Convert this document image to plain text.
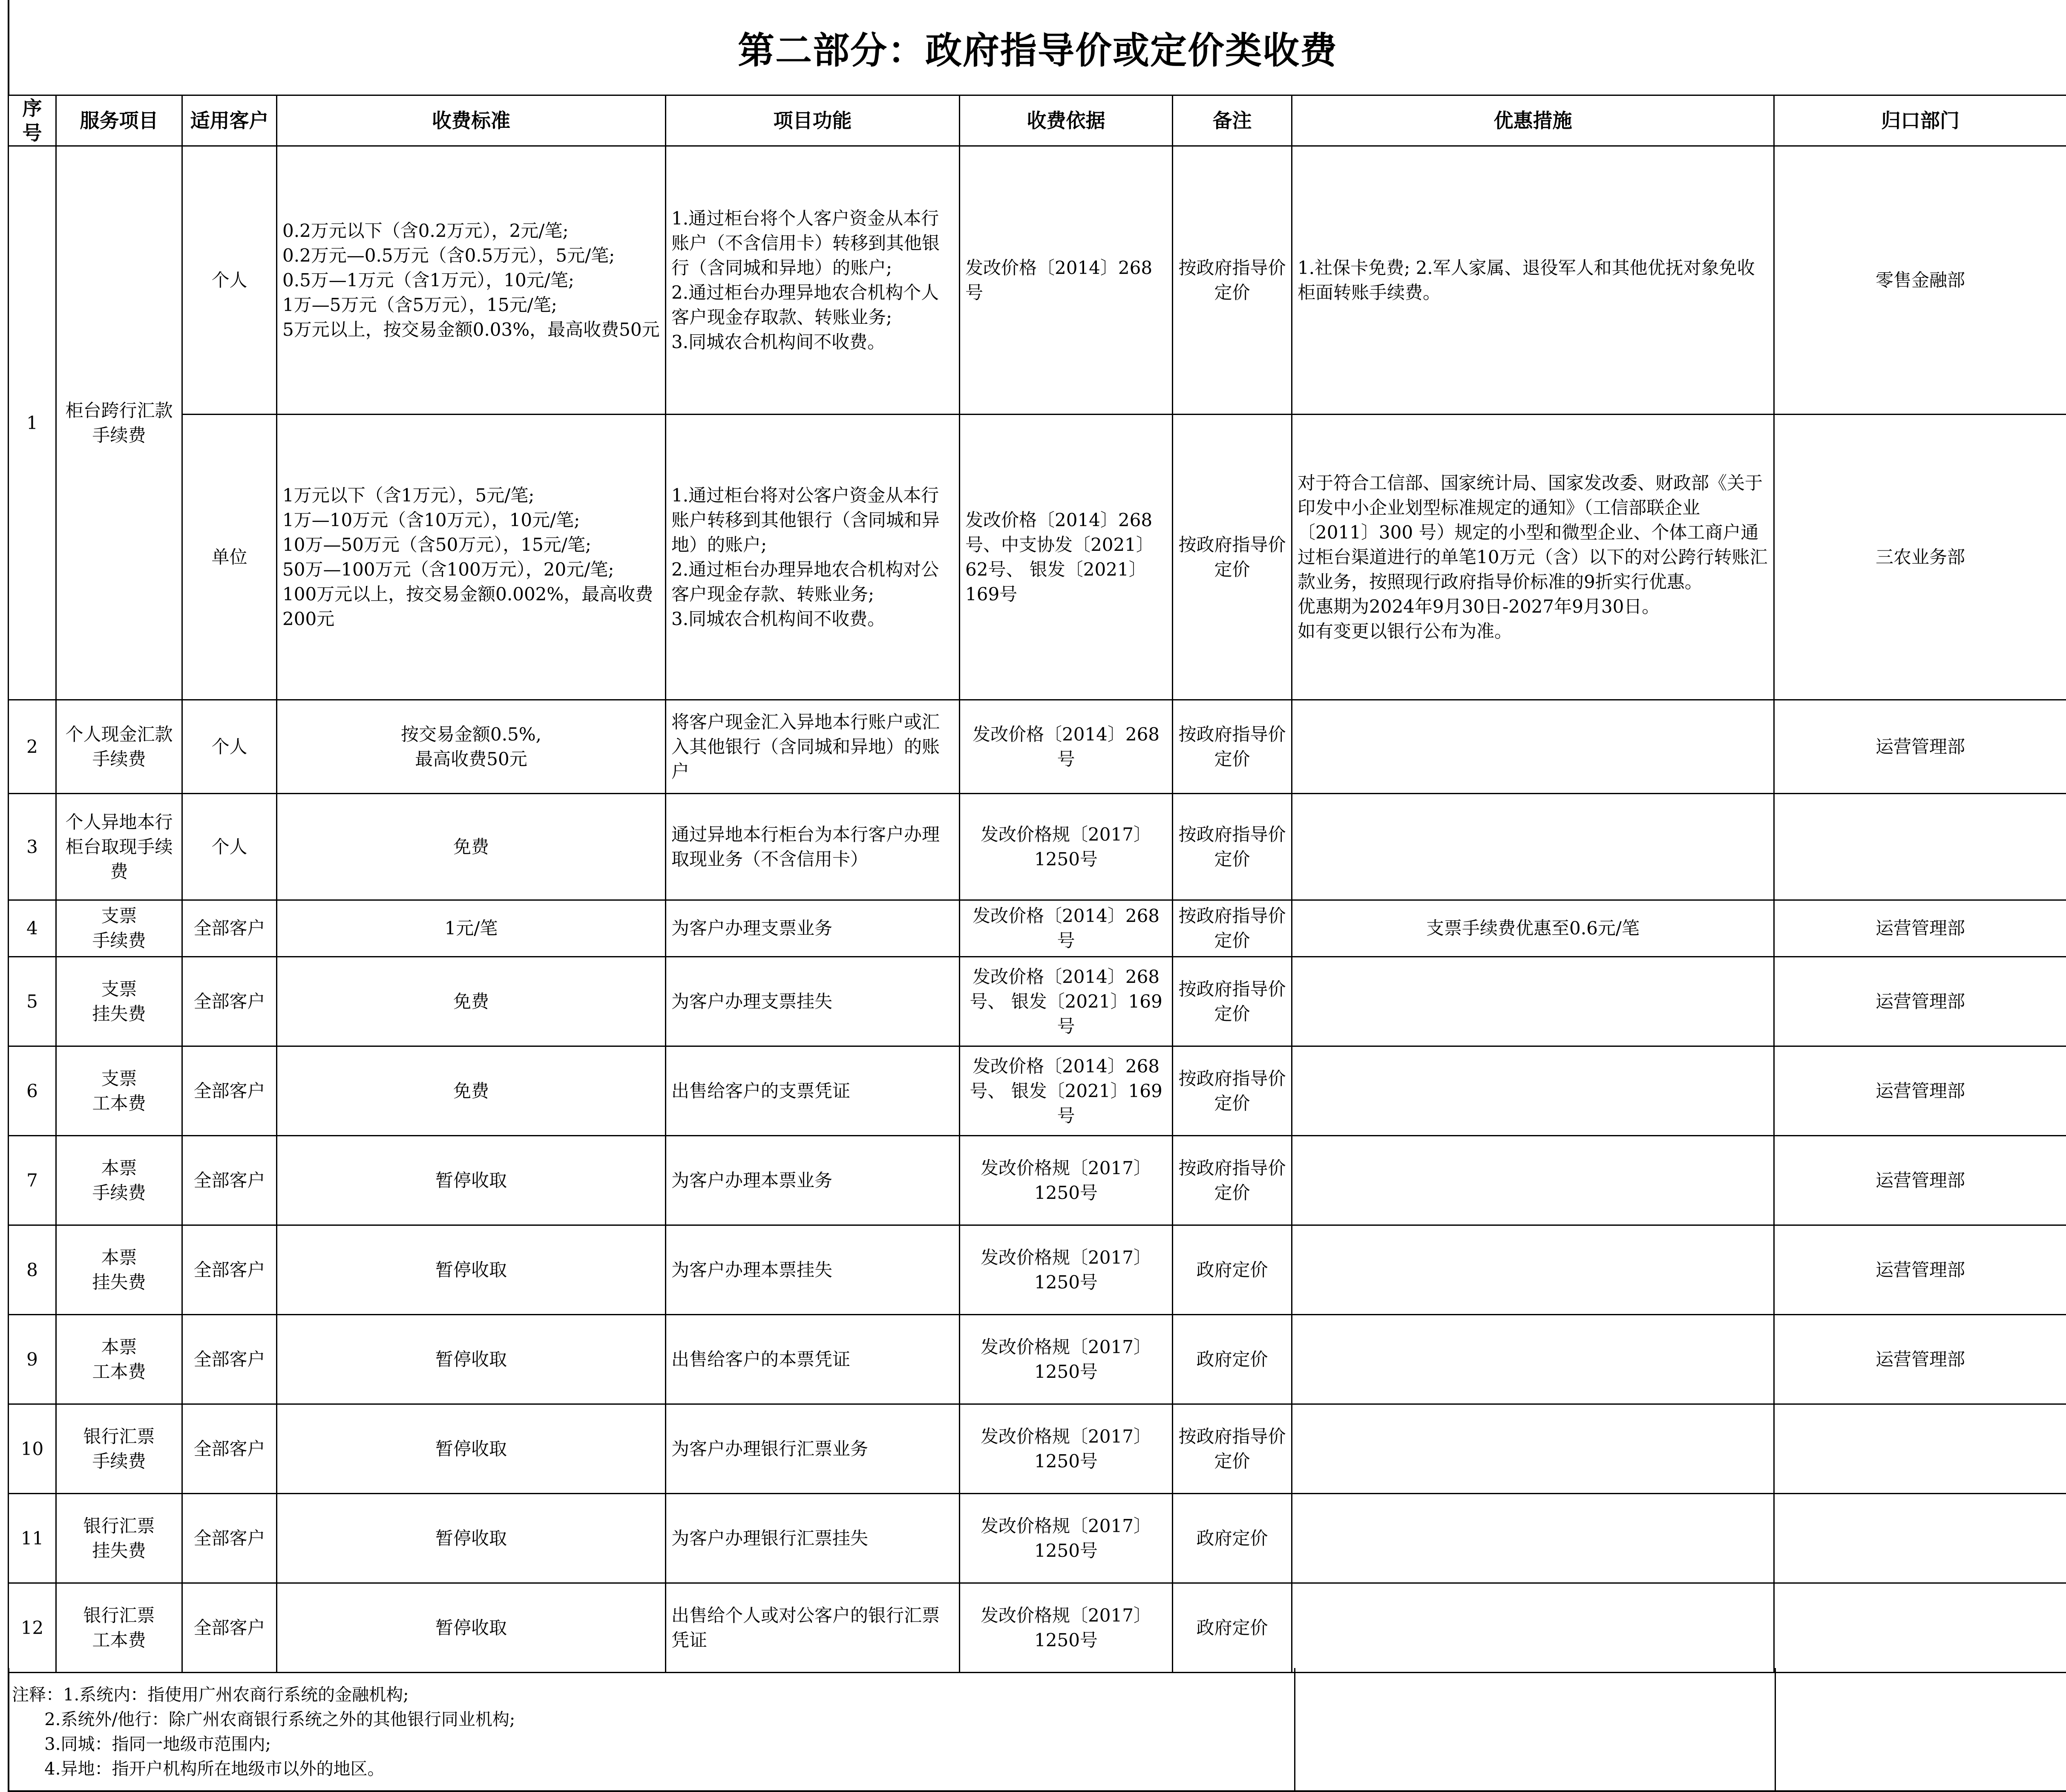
第二部分：政府指导价或定价类收费
序号	服务项目	适用客户	收费标准	项目功能	收费依据	备注	优惠措施	归口部门
1	柜台跨行汇款
手续费	个人	0.2万元以下（含0.2万元），2元/笔;
0.2万元—0.5万元（含0.5万元），5元/笔;
0.5万—1万元（含1万元），10元/笔;
1万—5万元（含5万元），15元/笔;
5万元以上，按交易金额0.03%，最高收费50元	1.通过柜台将个人客户资金从本行账户（不含信用卡）转移到其他银行（含同城和异地）的账户;
2.通过柜台办理异地农合机构个人客户现金存取款、转账业务;
3.同城农合机构间不收费。	发改价格〔2014〕268号	按政府指导价定价	1.社保卡免费; 2.军人家属、退役军人和其他优抚对象免收柜面转账手续费。	零售金融部
		单位	1万元以下（含1万元），5元/笔;
1万—10万元（含10万元），10元/笔;
10万—50万元（含50万元），15元/笔;
50万—100万元（含100万元），20元/笔;
100万元以上，按交易金额0.002%，最高收费200元	1.通过柜台将对公客户资金从本行账户转移到其他银行（含同城和异地）的账户;
2.通过柜台办理异地农合机构对公客户现金存款、转账业务;
3.同城农合机构间不收费。	发改价格〔2014〕268号、中支协发〔2021〕62号、 银发〔2021〕169号	按政府指导价定价	对于符合工信部、国家统计局、国家发改委、财政部《关于印发中小企业划型标准规定的通知》（工信部联企业〔2011〕300 号）规定的小型和微型企业、个体工商户通过柜台渠道进行的单笔10万元（含）以下的对公跨行转账汇款业务，按照现行政府指导价标准的9折实行优惠。
优惠期为2024年9月30日-2027年9月30日。
如有变更以银行公布为准。	三农业务部
2	个人现金汇款
手续费	个人	按交易金额0.5%,
最高收费50元	将客户现金汇入异地本行账户或汇入其他银行（含同城和异地）的账户	发改价格〔2014〕268号	按政府指导价定价		运营管理部
3	个人异地本行柜台取现手续费	个人	免费	通过异地本行柜台为本行客户办理取现业务（不含信用卡）	发改价格规〔2017〕1250号	按政府指导价定价		
4	支票
手续费	全部客户	1元/笔	为客户办理支票业务	发改价格〔2014〕268号	按政府指导价定价	支票手续费优惠至0.6元/笔	运营管理部
5	支票
挂失费	全部客户	免费	为客户办理支票挂失	发改价格〔2014〕268号、 银发〔2021〕169号	按政府指导价定价		运营管理部
6	支票
工本费	全部客户	免费	出售给客户的支票凭证	发改价格〔2014〕268号、 银发〔2021〕169号	按政府指导价定价		运营管理部
7	本票
手续费	全部客户	暂停收取	为客户办理本票业务	发改价格规〔2017〕1250号	按政府指导价定价		运营管理部
8	本票
挂失费	全部客户	暂停收取	为客户办理本票挂失	发改价格规〔2017〕1250号	政府定价		运营管理部
9	本票
工本费	全部客户	暂停收取	出售给客户的本票凭证	发改价格规〔2017〕1250号	政府定价		运营管理部
10	银行汇票
手续费	全部客户	暂停收取	为客户办理银行汇票业务	发改价格规〔2017〕1250号	按政府指导价定价		
11	银行汇票
挂失费	全部客户	暂停收取	为客户办理银行汇票挂失	发改价格规〔2017〕1250号	政府定价		
12	银行汇票
工本费	全部客户	暂停收取	出售给个人或对公客户的银行汇票凭证	发改价格规〔2017〕1250号	政府定价		
注释：1.系统内：指使用广州农商行系统的金融机构;
2.系统外/他行：除广州农商银行系统之外的其他银行同业机构;
3.同城：指同一地级市范围内;
4.异地：指开户机构所在地级市以外的地区。
